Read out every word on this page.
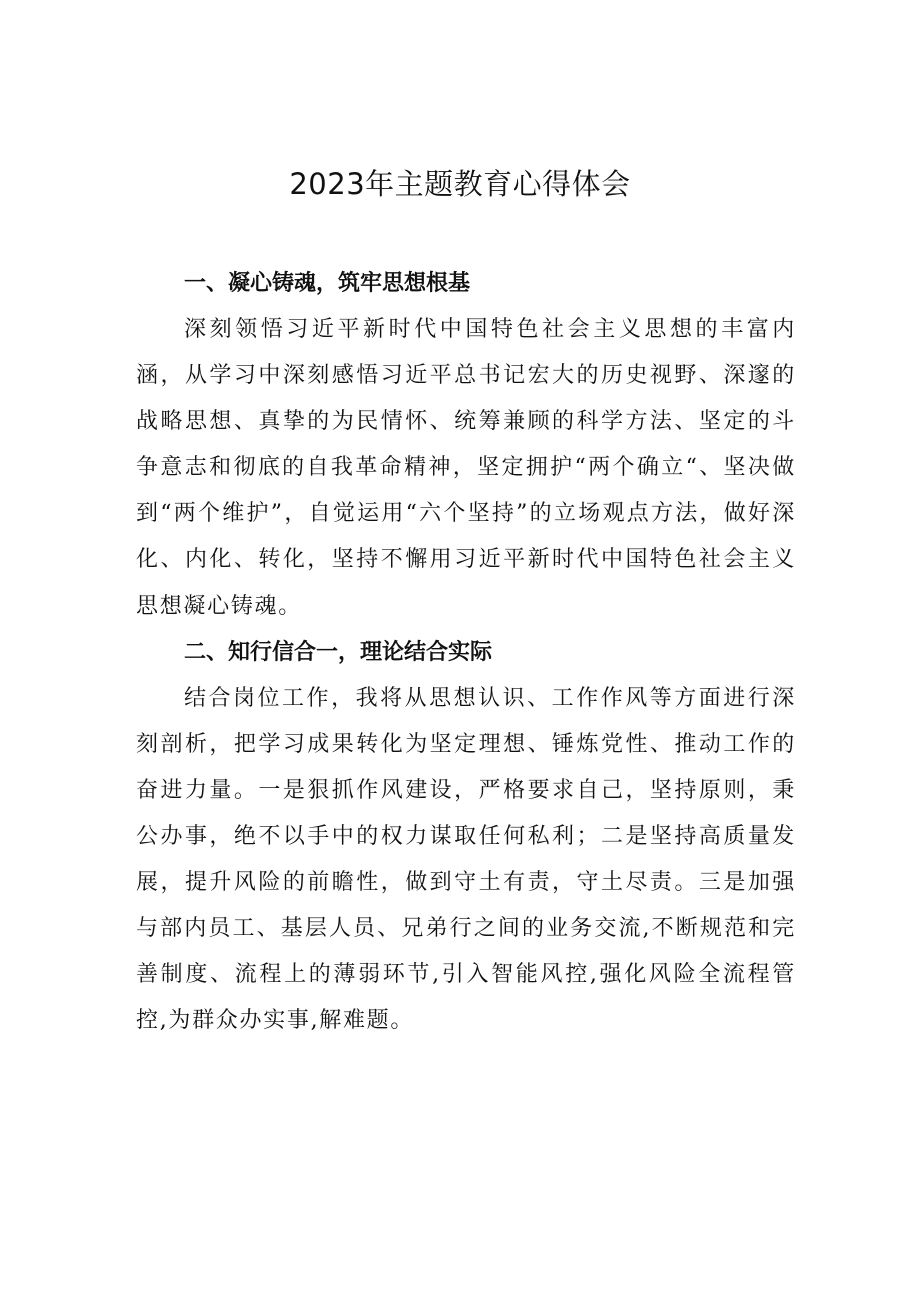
2023年主题教育心得体会
一、凝心铸魂，筑牢思想根基

深刻领悟习近平新时代中国特色社会主义思想的丰富内涵，从学习中深刻感悟习近平总书记宏大的历史视野、深邃的战略思想、真挚的为民情怀、统筹兼顾的科学方法、坚定的斗争意志和彻底的自我革命精神，坚定拥护“两个确立“、坚决做到“两个维护”，自觉运用“六个坚持”的立场观点方法，做好深化、内化、转化，坚持不懈用习近平新时代中国特色社会主义思想凝心铸魂。

二、知行信合一，理论结合实际

结合岗位工作，我将从思想认识、工作作风等方面进行深刻剖析，把学习成果转化为坚定理想、锤炼党性、推动工作的奋进力量。一是狠抓作风建设，严格要求自己，坚持原则，秉公办事，绝不以手中的权力谋取任何私利；二是坚持高质量发展，提升风险的前瞻性，做到守土有责，守土尽责。三是加强与部内员工、基层人员、兄弟行之间的业务交流,不断规范和完善制度、流程上的薄弱环节,引入智能风控,强化风险全流程管控,为群众办实事,解难题。
